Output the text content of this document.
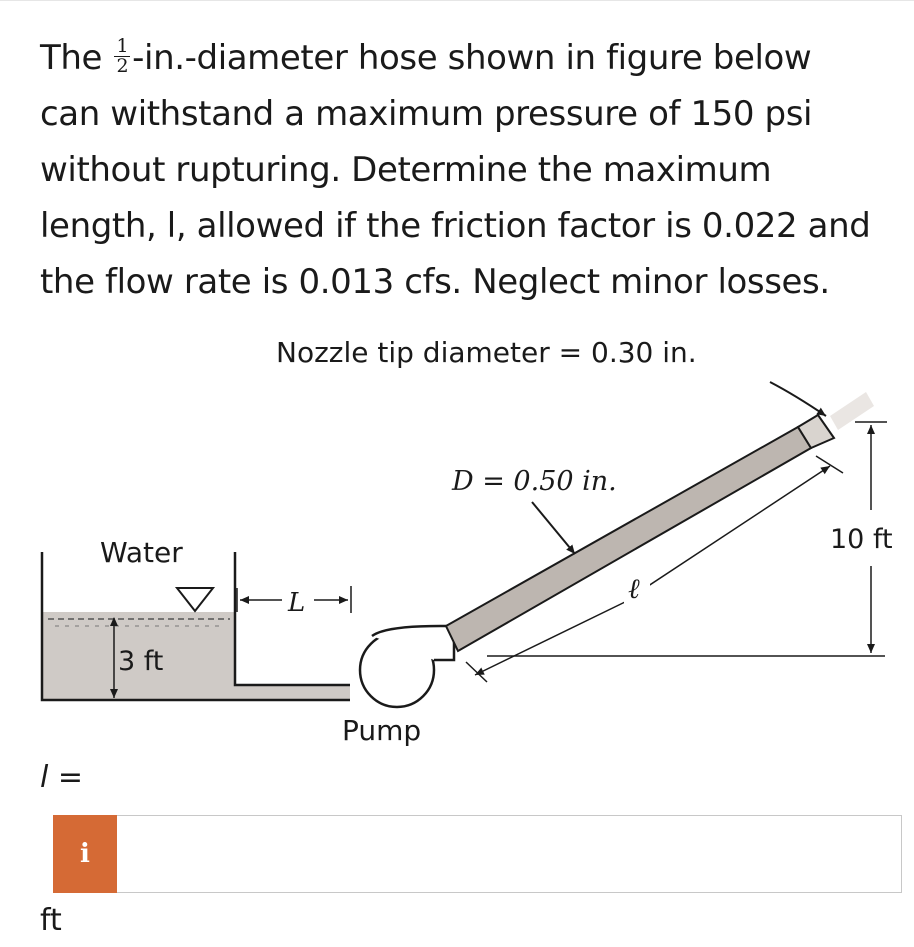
The $\frac{1}{2}$ -in.-diameter hose shown in figure below
can withstand a maximum pressure of 150 psi
without rupturing. Determine the maximum
length, l, allowed if the friction factor is 0.022 and
the flow rate is 0.013 cfs. Neglect minor losses.
Nozzle tip diameter = 0.30 in.
Water
3 ft
L
Pump
D = 0.50 in.
ℓ
10 ft
l =
i
ft
